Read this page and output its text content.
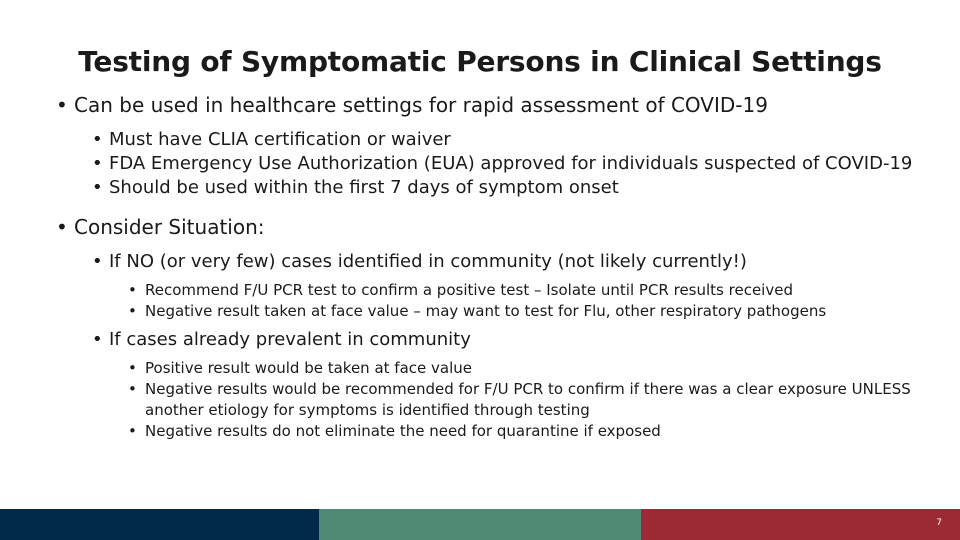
Testing of Symptomatic Persons in Clinical Settings
• Can be used in healthcare settings for rapid assessment of COVID-19
• Must have CLIA certification or waiver
• FDA Emergency Use Authorization (EUA) approved for individuals suspected of COVID-19
• Should be used within the first 7 days of symptom onset
• Consider Situation:
• If NO (or very few) cases identified in community (not likely currently!)
• Recommend F/U PCR test to confirm a positive test – Isolate until PCR results received
• Negative result taken at face value – may want to test for Flu, other respiratory pathogens
• If cases already prevalent in community
• Positive result would be taken at face value
• Negative results would be recommended for F/U PCR to confirm if there was a clear exposure UNLESS another etiology for symptoms is identified through testing
• Negative results do not eliminate the need for quarantine if exposed
7
